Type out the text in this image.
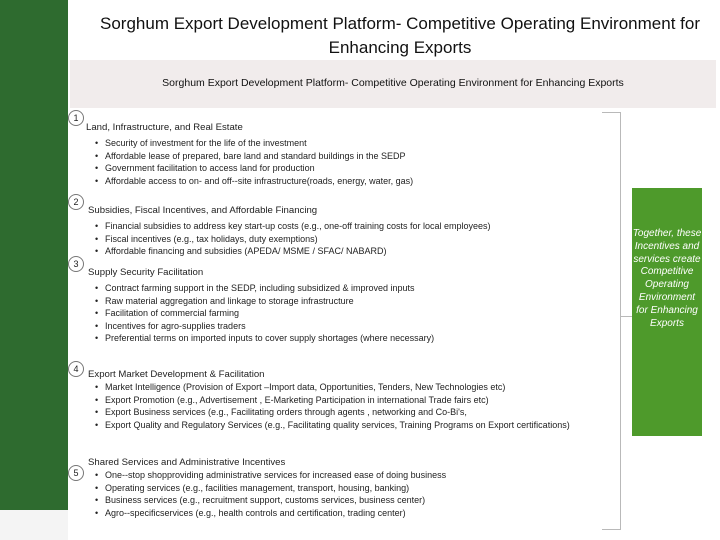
Sorghum Export Development Platform- Competitive Operating Environment for Enhancing Exports
Sorghum Export Development Platform- Competitive Operating Environment for Enhancing Exports
1
Land, Infrastructure, and Real Estate
• Security of investment for the life of the investment
• Affordable lease of prepared, bare land and standard buildings in the SEDP
• Government facilitation to access land for production
• Affordable access to on- and off--site infrastructure(roads, energy, water, gas)
2
Subsidies, Fiscal Incentives, and Affordable Financing
• Financial subsidies to address key start-up costs (e.g., one-off training costs for local employees)
• Fiscal incentives (e.g., tax holidays, duty exemptions)
• Affordable financing and subsidies (APEDA/ MSME / SFAC/ NABARD)
3
Supply Security Facilitation
• Contract farming support in the SEDP, including subsidized & improved inputs
• Raw material aggregation and linkage to storage infrastructure
• Facilitation of commercial farming
• Incentives for agro-supplies traders
• Preferential terms on imported inputs to cover supply shortages (where necessary)
4 Export Market Development & Facilitation
• Market Intelligence (Provision of Export –Import data, Opportunities, Tenders, New Technologies etc)
• Export Promotion (e.g., Advertisement , E-Marketing Participation in international Trade fairs etc)
• Export Business services (e.g., Facilitating orders through agents , networking and Co-Bi's,
• Export Quality and Regulatory Services (e.g., Facilitating quality services, Training Programs on Export certifications)
5
Shared Services and Administrative Incentives
• One--stop shopproviding administrative services for increased ease of doing business
• Operating services (e.g., facilities management, transport, housing, banking)
• Business services (e.g., recruitment support, customs services, business center)
• Agro--specificservices (e.g., health controls and certification, trading center)
Together, these Incentives and services create Competitive Operating Environment for Enhancing Exports
